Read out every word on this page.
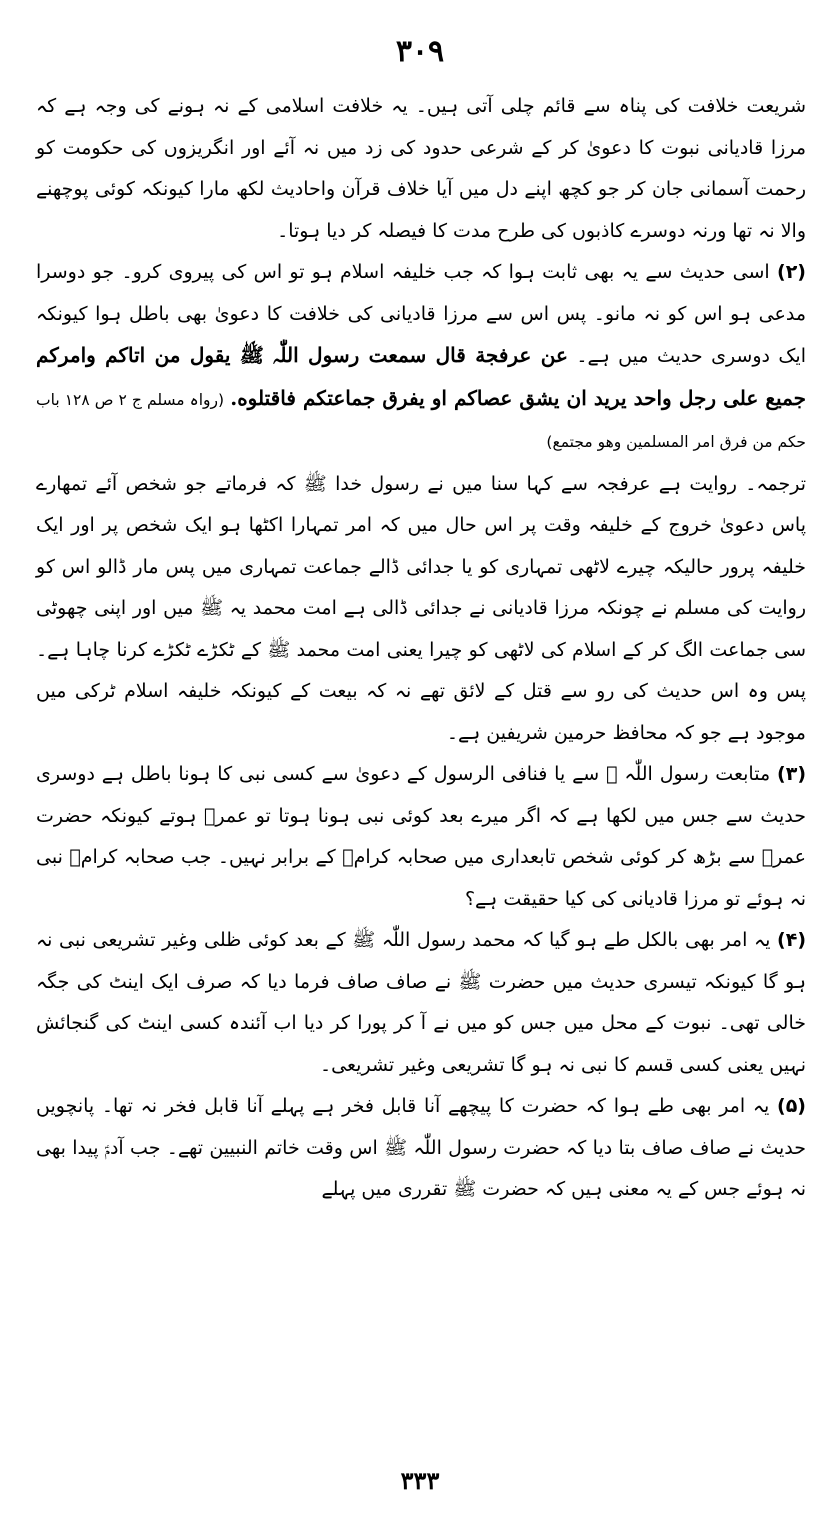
۳۰۹

شریعت خلافت کی پناہ سے قائم چلی آتی ہیں۔ یہ خلافت اسلامی کے نہ ہونے کی وجہ ہے کہ مرزا قادیانی نبوت کا دعویٰ کر کے شرعی حدود کی زد میں نہ آئے اور انگریزوں کی حکومت کو رحمت آسمانی جان کر جو کچھ اپنے دل میں آیا خلاف قرآن واحادیث لکھ مارا کیونکہ کوئی پوچھنے والا نہ تھا ورنہ دوسرے کاذبوں کی طرح مدت کا فیصلہ کر دیا ہوتا۔

(۲) اسی حدیث سے یہ بھی ثابت ہوا کہ جب خلیفہ اسلام ہو تو اس کی پیروی کرو۔ جو دوسرا مدعی ہو اس کو نہ مانو۔ پس اس سے مرزا قادیانی کی خلافت کا دعویٰ بھی باطل ہوا کیونکہ ایک دوسری حدیث میں ہے۔ عن عرفجة قال سمعت رسول اللّٰہ ﷺ یقول من اتاکم وامرکم جمیع علی رجل واحد یرید ان یشق عصاکم او یفرق جماعتکم فاقتلوه. (رواہ مسلم ج ۲ ص ۱۲۸ باب حکم من فرق امر المسلمین وھو مجتمع)

ترجمہ۔ روایت ہے عرفجہ سے کہا سنا میں نے رسول خدا ﷺ کہ فرماتے جو شخص آئے تمھارے پاس دعویٰ خروج کے خلیفہ وقت پر اس حال میں کہ امر تمہارا اکٹھا ہو ایک شخص پر اور ایک خلیفہ پرور حالیکہ چیرے لاٹھی تمہاری کو یا جدائی ڈالے جماعت تمہاری میں پس مار ڈالو اس کو روایت کی مسلم نے چونکہ مرزا قادیانی نے جدائی ڈالی ہے امت محمد یہ ﷺ میں اور اپنی چھوٹی سی جماعت الگ کر کے اسلام کی لاٹھی کو چیرا یعنی امت محمد ﷺ کے ٹکڑے ٹکڑے کرنا چاہا ہے۔ پس وہ اس حدیث کی رو سے قتل کے لائق تھے نہ کہ بیعت کے کیونکہ خلیفہ اسلام ٹرکی میں موجود ہے جو کہ محافظ حرمین شریفین ہے۔

(۳) متابعت رسول اللّٰہ ﷺ سے یا فنافی الرسول کے دعویٰ سے کسی نبی کا ہونا باطل ہے دوسری حدیث سے جس میں لکھا ہے کہ اگر میرے بعد کوئی نبی ہونا ہوتا تو عمرؓ ہوتے کیونکہ حضرت عمرؓ سے بڑھ کر کوئی شخص تابعداری میں صحابہ کرامؓ کے برابر نہیں۔ جب صحابہ کرامؓ نبی نہ ہوئے تو مرزا قادیانی کی کیا حقیقت ہے؟

(۴) یہ امر بھی بالکل طے ہو گیا کہ محمد رسول اللّٰہ ﷺ کے بعد کوئی ظلی وغیر تشریعی نبی نہ ہو گا کیونکہ تیسری حدیث میں حضرت ﷺ نے صاف صاف فرما دیا کہ صرف ایک اینٹ کی جگہ خالی تھی۔ نبوت کے محل میں جس کو میں نے آ کر پورا کر دیا اب آئندہ کسی اینٹ کی گنجائش نہیں یعنی کسی قسم کا نبی نہ ہو گا تشریعی وغیر تشریعی۔

(۵) یہ امر بھی طے ہوا کہ حضرت کا پیچھے آنا قابل فخر ہے پہلے آنا قابل فخر نہ تھا۔ پانچویں حدیث نے صاف صاف بتا دیا کہ حضرت رسول اللّٰہ ﷺ اس وقت خاتم النبیین تھے۔ جب آدمؑ پیدا بھی نہ ہوئے جس کے یہ معنی ہیں کہ حضرت ﷺ تقرری میں پہلے

۳۳۳
